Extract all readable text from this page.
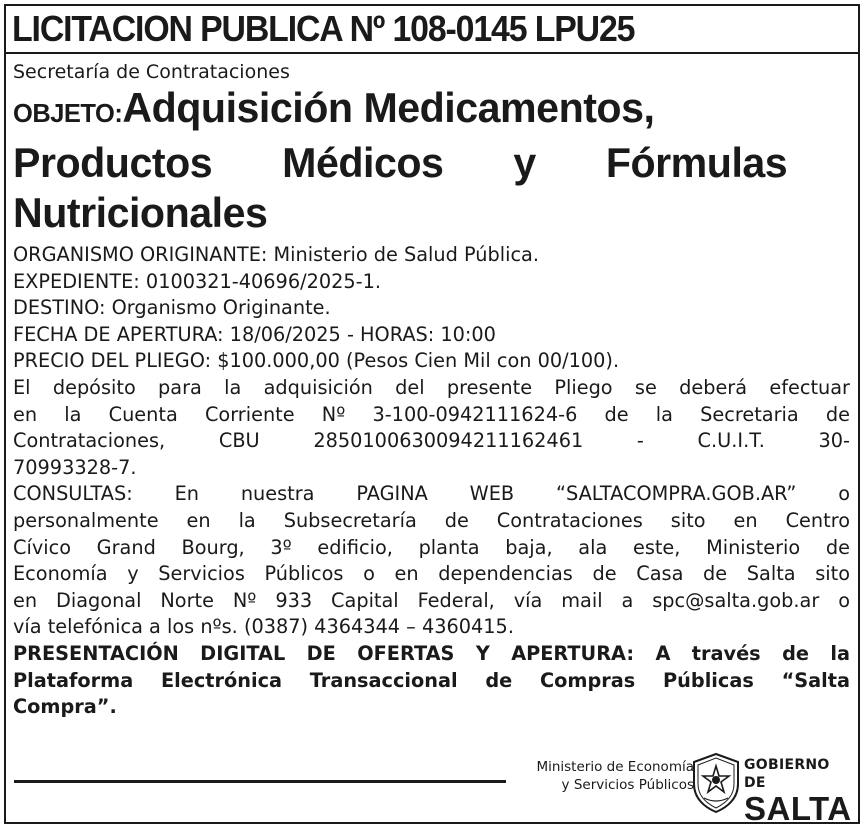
LICITACION PUBLICA Nº 108-0145 LPU25
Secretaría de Contrataciones
OBJETO:Adquisición Medicamentos,
Productos Médicos y Fórmulas
Nutricionales
ORGANISMO ORIGINANTE: Ministerio de Salud Pública.
EXPEDIENTE: 0100321-40696/2025-1.
DESTINO: Organismo Originante.
FECHA DE APERTURA: 18/06/2025 - HORAS: 10:00
PRECIO DEL PLIEGO: $100.000,00 (Pesos Cien Mil con 00/100).
El depósito para la adquisición del presente Pliego se deberá efectuar
en la Cuenta Corriente Nº 3-100-0942111624-6 de la Secretaria de
Contrataciones, CBU 2850100630094211162461 - C.U.I.T. 30-
70993328-7.
CONSULTAS: En nuestra PAGINA WEB “SALTACOMPRA.GOB.AR” o
personalmente en la Subsecretaría de Contrataciones sito en Centro
Cívico Grand Bourg, 3º edificio, planta baja, ala este, Ministerio de
Economía y Servicios Públicos o en dependencias de Casa de Salta sito
en Diagonal Norte Nº 933 Capital Federal, vía mail a spc@salta.gob.ar o
vía telefónica a los nºs. (0387) 4364344 – 4360415.
PRESENTACIÓN DIGITAL DE OFERTAS Y APERTURA: A través de la
Plataforma Electrónica Transaccional de Compras Públicas “Salta
Compra”.
Ministerio de Economía
y Servicios Públicos
GOBIERNO DE
SALTA
